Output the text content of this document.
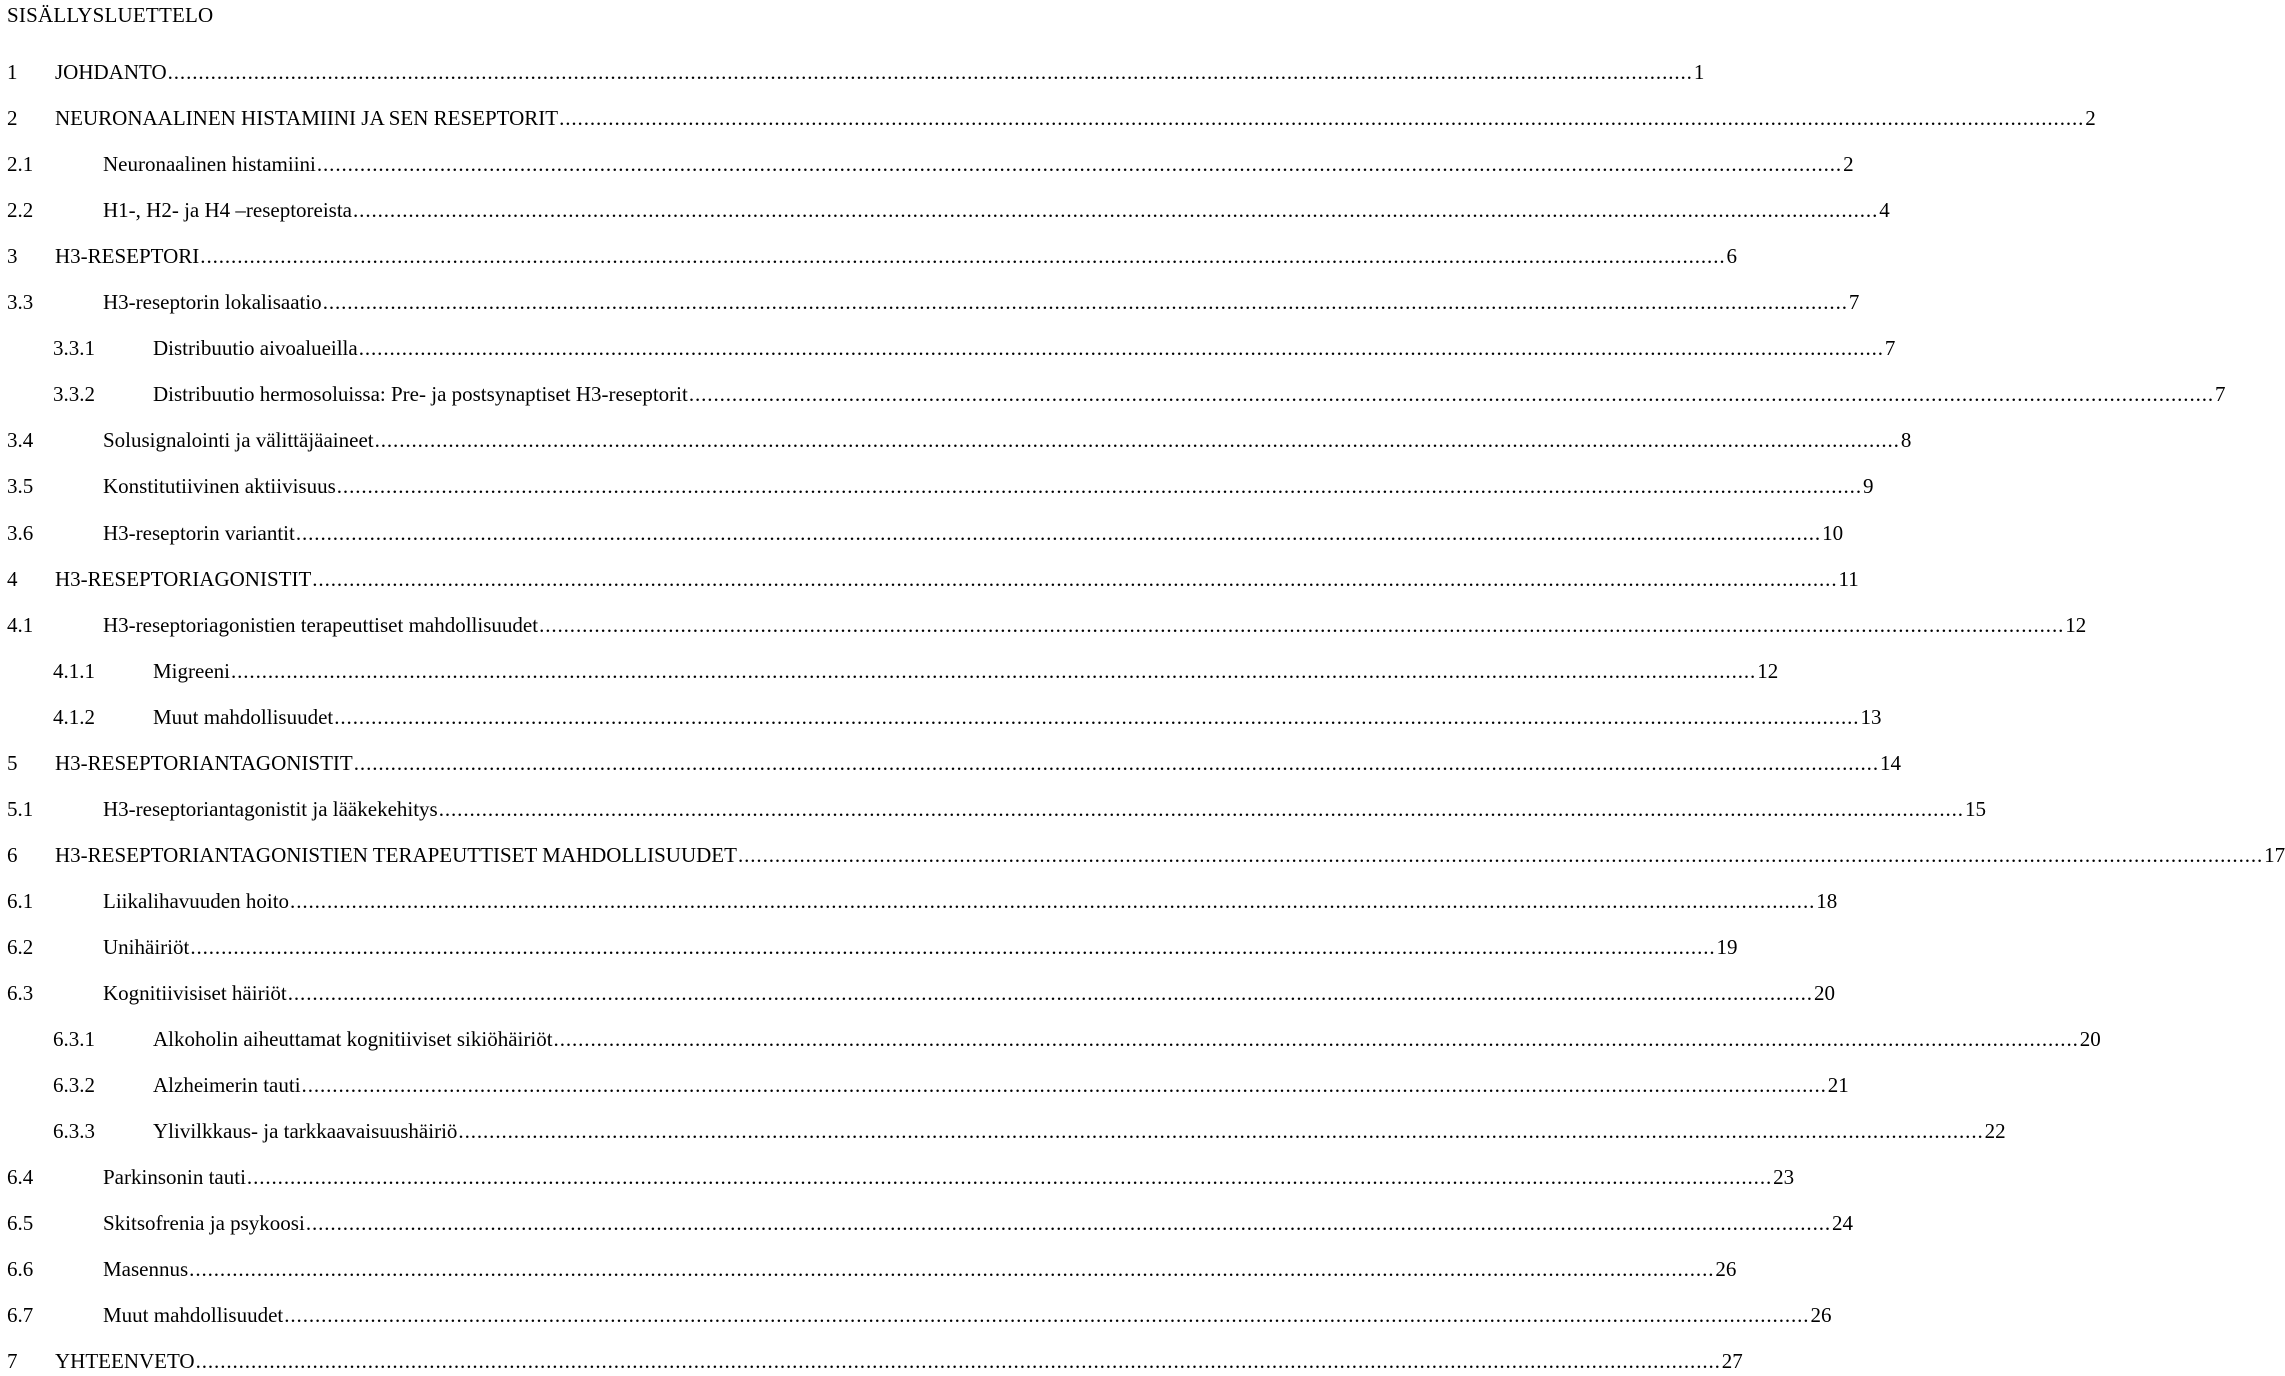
SISÄLLYSLUETTELO
1 JOHDANTO .....	1
2 NEURONAALINEN HISTAMIINI JA SEN RESEPTORIT .....	2
2.1	Neuronaalinen histamiini .....	2
2.2	H1-, H2- ja H4 –reseptoreista .....	4
3 H3-RESEPTORI .....	6
3.3	H3-reseptorin lokalisaatio .....	7
3.3.1	Distribuutio aivoalueilla .....	7
3.3.2	Distribuutio hermosoluissa: Pre- ja postsynaptiset H3-reseptorit .....	7
3.4	Solusignalointi ja välittäjäaineet .....	8
3.5	Konstitutiivinen aktiivisuus .....	9
3.6	H3-reseptorin variantit .....	10
4 H3-RESEPTORIAGONISTIT .....	11
4.1	H3-reseptoriagonistien terapeuttiset mahdollisuudet .....	12
4.1.1	Migreeni .....	12
4.1.2	Muut mahdollisuudet .....	13
5 H3-RESEPTORIANTAGONISTIT .....	14
5.1	H3-reseptoriantagonistit ja lääkekehitys .....	15
6 H3-RESEPTORIANTAGONISTIEN TERAPEUTTISET MAHDOLLISUUDET .....	17
6.1	Liikalihavuuden hoito .....	18
6.2	Unihäiriöt .....	19
6.3	Kognitiivisiset häiriöt .....	20
6.3.1	Alkoholin aiheuttamat kognitiiviset sikiöhäiriöt .....	20
6.3.2	Alzheimerin tauti .....	21
6.3.3	Ylivilkkaus- ja tarkkaavaisuushäiriö .....	22
6.4	Parkinsonin tauti .....	23
6.5	Skitsofrenia ja psykoosi .....	24
6.6	Masennus .....	26
6.7	Muut mahdollisuudet .....	26
7 YHTEENVETO .....	27
